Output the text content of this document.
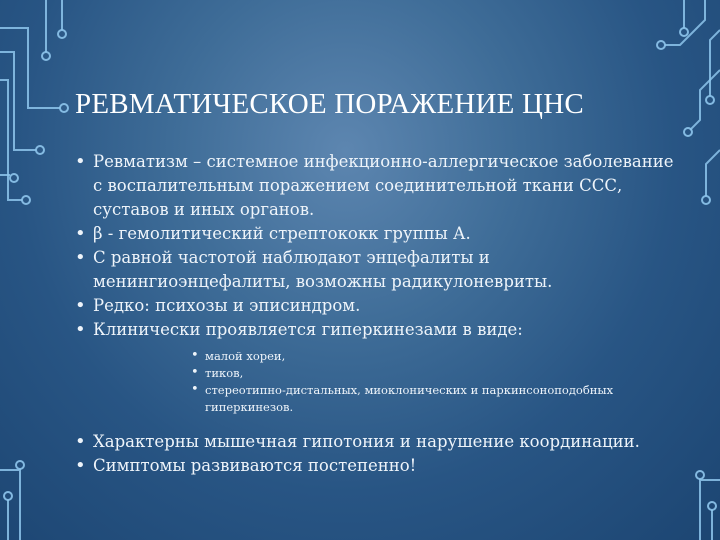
РЕВМАТИЧЕСКОЕ ПОРАЖЕНИЕ ЦНС
• Ревматизм – системное инфекционно-аллергическое заболевание с воспалительным поражением соединительной ткани ССС, суставов и иных органов.
• β - гемолитический стрептококк группы А.
• С равной частотой наблюдают энцефалиты и менингиоэнцефалиты, возможны радикулоневриты.
• Редко: психозы и эписиндром.
• Клинически проявляется гиперкинезами в виде:
• малой хореи,
• тиков,
• стереотипно-дистальных, миоклонических и паркинсоноподобных гиперкинезов.
• Характерны мышечная гипотония и нарушение координации.
• Симптомы развиваются постепенно!
